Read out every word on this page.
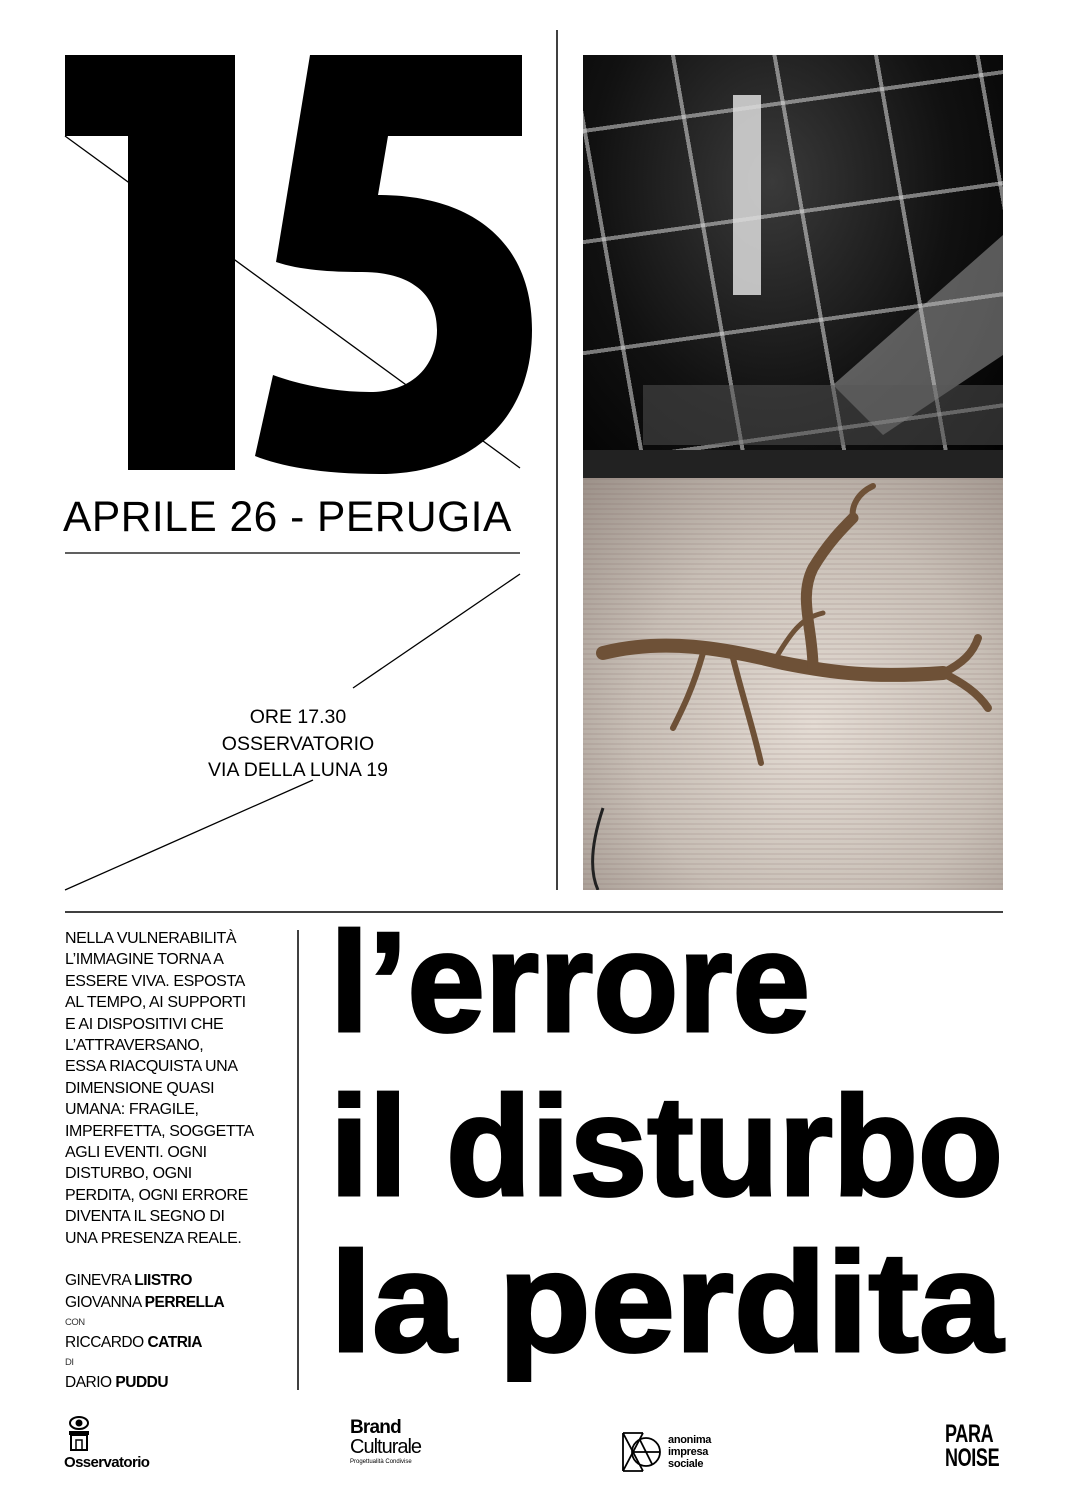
l’errore
il disturbo
la perdita
APRILE 26 - PERUGIA
ORE 17.30
OSSERVATORIO
VIA DELLA LUNA 19
NELLA VULNERABILITÀ
L’IMMAGINE TORNA A
ESSERE VIVA. ESPOSTA
AL TEMPO, AI SUPPORTI
E AI DISPOSITIVI CHE
L’ATTRAVERSANO,
ESSA RIACQUISTA UNA
DIMENSIONE QUASI
UMANA: FRAGILE,
IMPERFETTA, SOGGETTA
AGLI EVENTI. OGNI
DISTURBO, OGNI
PERDITA, OGNI ERRORE
DIVENTA IL SEGNO DI
UNA PRESENZA REALE.
GINEVRA LIISTRO
GIOVANNA PERRELLA
CON
RICCARDO CATRIA
DI
DARIO PUDDU
Osservatorio
Brand
Culturale
Progettualità Condivise
anonima
impresa
sociale
PARA
NOISE
